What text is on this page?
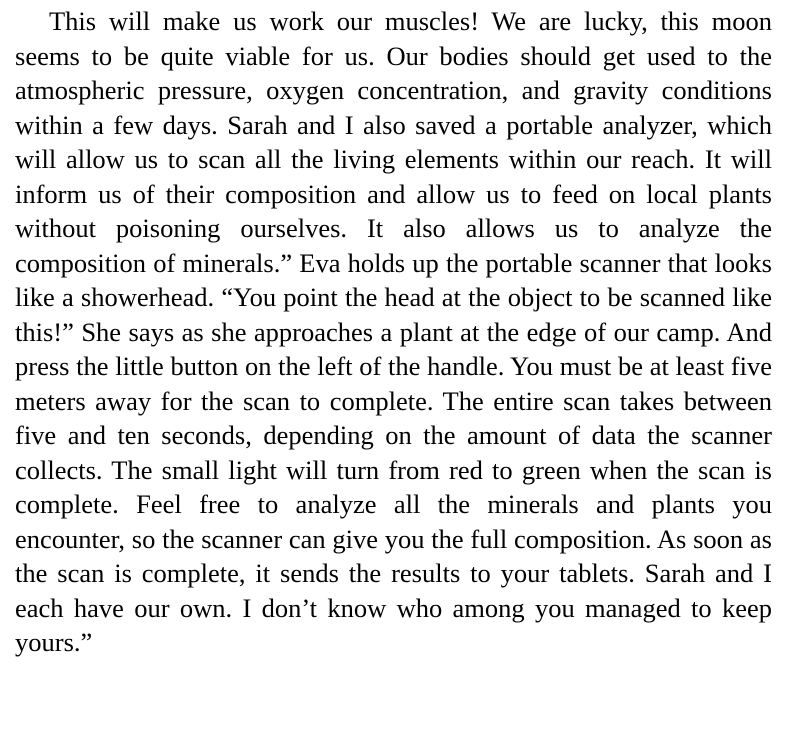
This will make us work our muscles! We are lucky, this moon seems to be quite viable for us. Our bodies should get used to the atmospheric pressure, oxygen concentration, and gravity conditions within a few days. Sarah and I also saved a portable analyzer, which will allow us to scan all the living elements within our reach. It will inform us of their composition and allow us to feed on local plants without poisoning ourselves. It also allows us to analyze the composition of minerals.” Eva holds up the portable scanner that looks like a showerhead. “You point the head at the object to be scanned like this!” She says as she approaches a plant at the edge of our camp. And press the little button on the left of the handle. You must be at least five meters away for the scan to complete. The entire scan takes between five and ten seconds, depending on the amount of data the scanner collects. The small light will turn from red to green when the scan is complete. Feel free to analyze all the minerals and plants you encounter, so the scanner can give you the full composition. As soon as the scan is complete, it sends the results to your tablets. Sarah and I each have our own. I don’t know who among you managed to keep yours.”
